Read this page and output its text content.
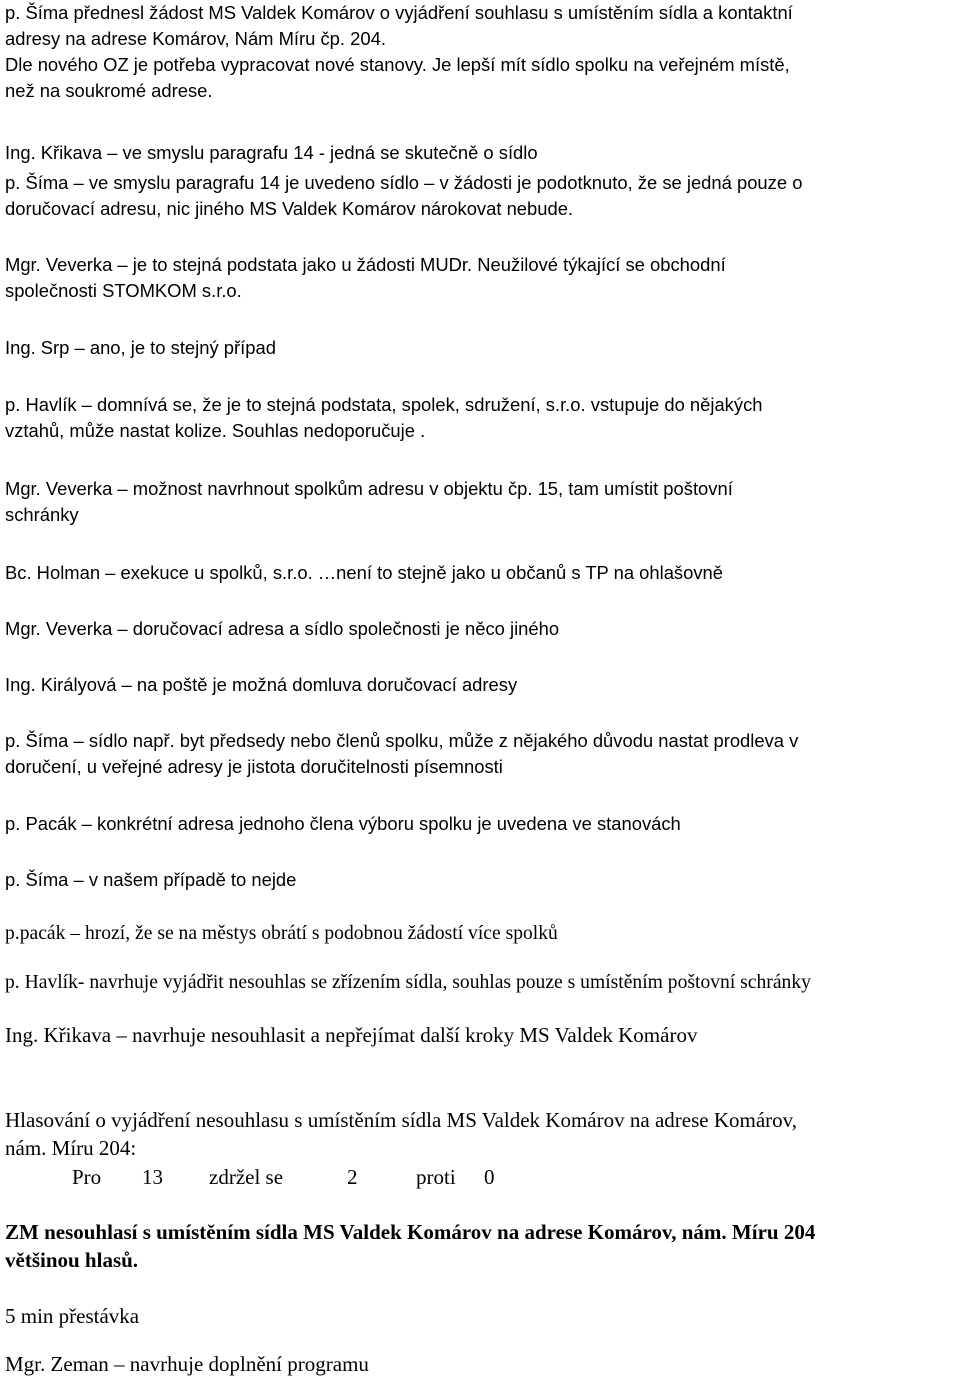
p. Šíma přednesl žádost MS Valdek Komárov o vyjádření souhlasu s umístěním sídla a kontaktní
adresy na adrese Komárov, Nám Míru čp. 204.
Dle nového OZ je potřeba vypracovat nové stanovy. Je lepší mít sídlo spolku na veřejném místě,
než na soukromé adrese.
Ing. Křikava – ve smyslu paragrafu 14 - jedná se skutečně o sídlo
p. Šíma – ve smyslu paragrafu 14 je uvedeno sídlo – v žádosti je podotknuto, že se jedná pouze o
doručovací adresu, nic jiného MS Valdek Komárov nárokovat nebude.
Mgr. Veverka – je to stejná podstata jako u žádosti MUDr. Neužilové týkající se obchodní
společnosti STOMKOM s.r.o.
Ing. Srp – ano, je to stejný případ
p. Havlík – domnívá se, že je to stejná podstata, spolek, sdružení, s.r.o. vstupuje do nějakých
vztahů, může nastat kolize. Souhlas nedoporučuje .
Mgr. Veverka – možnost navrhnout spolkům adresu v objektu čp. 15, tam umístit poštovní
schránky
Bc. Holman – exekuce u spolků, s.r.o. …není to stejně jako u občanů s TP na ohlašovně
Mgr. Veverka – doručovací adresa a sídlo společnosti je něco jiného
Ing. Királyová – na poště je možná domluva doručovací adresy
p. Šíma – sídlo např. byt předsedy nebo členů spolku, může z nějakého důvodu nastat prodleva v
doručení, u veřejné adresy je jistota doručitelnosti písemnosti
p. Pacák – konkrétní adresa jednoho člena výboru spolku je uvedena ve stanovách
p. Šíma – v našem případě to nejde
p.pacák – hrozí, že se na městys obrátí s podobnou žádostí více spolků
p. Havlík- navrhuje vyjádřit nesouhlas se zřízením sídla, souhlas pouze s umístěním poštovní schránky
Ing. Křikava – navrhuje nesouhlasit a nepřejímat další kroky MS Valdek Komárov
Hlasování o vyjádření nesouhlasu s umístěním sídla MS Valdek Komárov na adrese Komárov,
nám. Míru 204:
Pro 13 zdržel se	2	proti 0
ZM nesouhlasí s umístěním sídla MS Valdek Komárov na adrese Komárov, nám. Míru 204
většinou hlasů.
5 min přestávka
Mgr. Zeman – navrhuje doplnění programu
